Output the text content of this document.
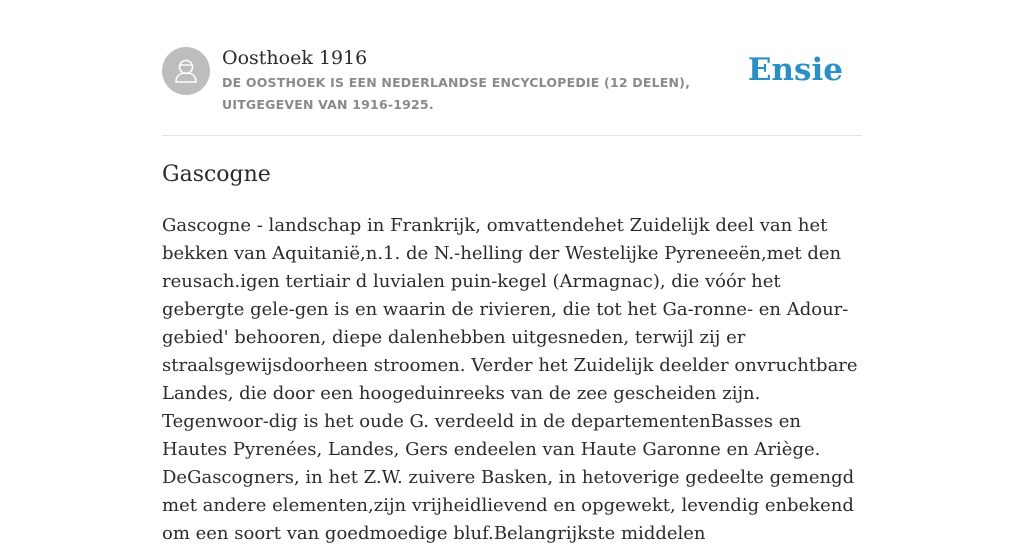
Oosthoek 1916
DE OOSTHOEK IS EEN NEDERLANDSE ENCYCLOPEDIE (12 DELEN), UITGEGEVEN VAN 1916-1925.
Ensie
Gascogne

Gascogne - landschap in Frankrijk, omvattendehet Zuidelijk deel van het bekken van Aquitanië,n.1. de N.-helling der Westelijke Pyreneeën,met den reusach.igen tertiair d luvialen puin-kegel (Armagnac), die vóór het gebergte gele-gen is en waarin de rivieren, die tot het Ga-ronne- en Adour-gebied' behooren, diepe dalenhebben uitgesneden, terwijl zij er straalsgewijsdoorheen stroomen. Verder het Zuidelijk deelder onvruchtbare Landes, die door een hoogeduinreeks van de zee gescheiden zijn. Tegenwoor-dig is het oude G. verdeeld in de departementenBasses en Hautes Pyrenées, Landes, Gers endeelen van Haute Garonne en Ariège. DeGascogners, in het Z.W. zuivere Basken, in hetoverige gedeelte gemengd met andere elementen,zijn vrijheidlievend en opgewekt, levendig enbekend om een soort van goedmoedige bluf.Belangrijkste middelen
